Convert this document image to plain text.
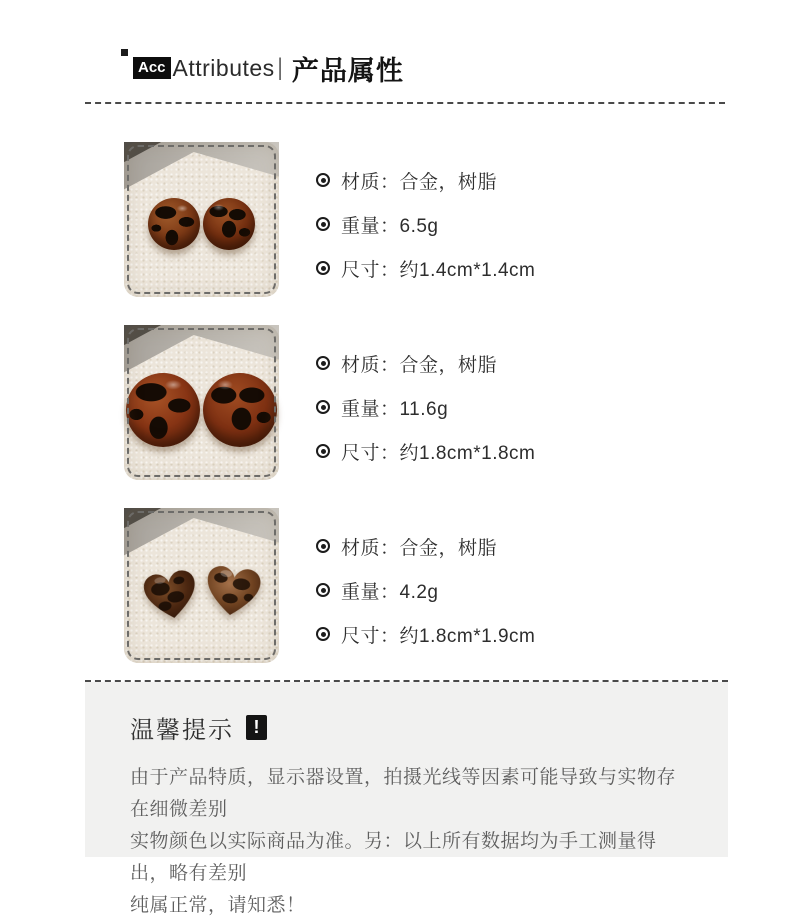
Acc Attributes | 产品属性
材质：合金，树脂
重量：6.5g
尺寸：约1.4cm*1.4cm
材质：合金，树脂
重量：11.6g
尺寸：约1.8cm*1.8cm
材质：合金，树脂
重量：4.2g
尺寸：约1.8cm*1.9cm
温馨提示	!
由于产品特质，显示器设置，拍摄光线等因素可能导致与实物存在细微差别
实物颜色以实际商品为准。另：以上所有数据均为手工测量得出，略有差别
纯属正常，请知悉！
